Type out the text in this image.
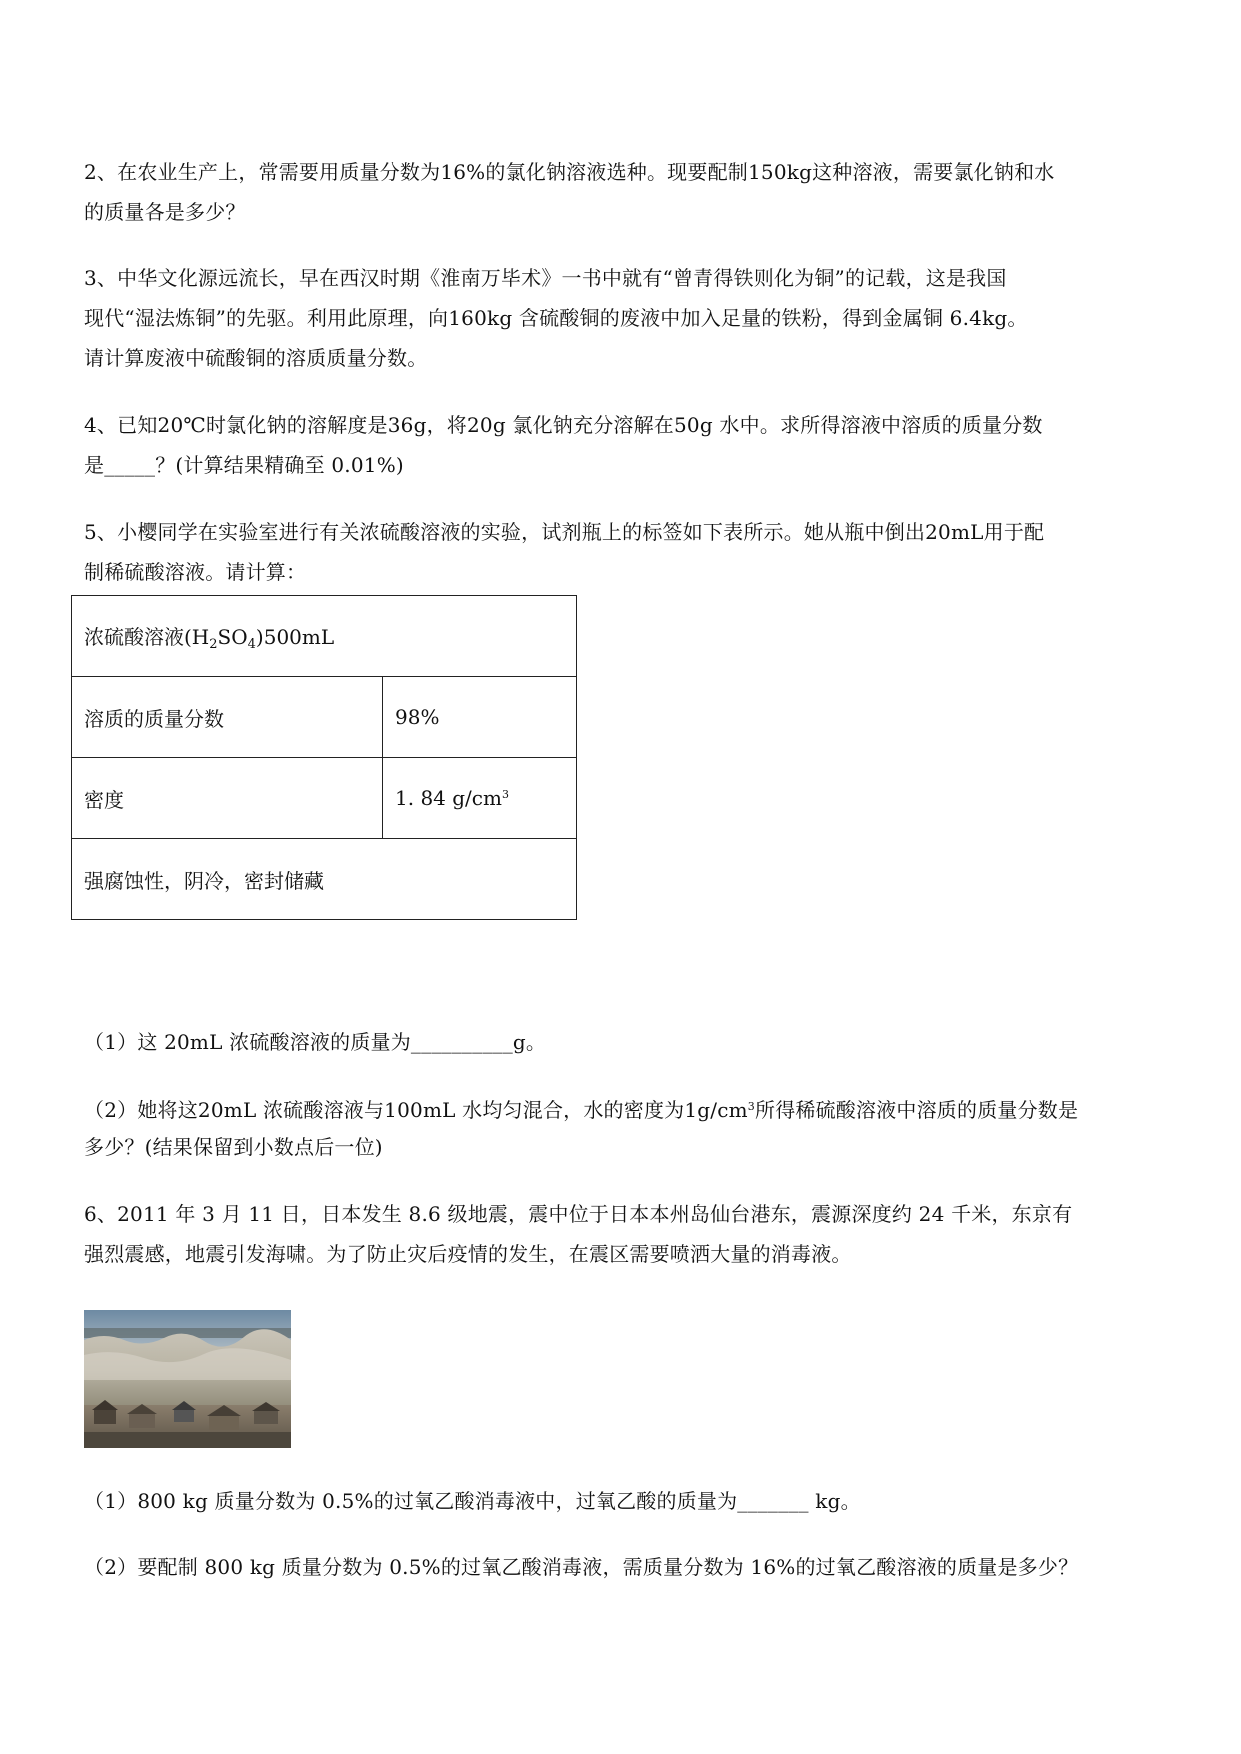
2、在农业生产上，常需要用质量分数为16%的氯化钠溶液选种。现要配制150kg这种溶液，需要氯化钠和水
的质量各是多少？
3、中华文化源远流长，早在西汉时期《淮南万毕术》一书中就有“曾青得铁则化为铜”的记载，这是我国
现代“湿法炼铜”的先驱。利用此原理，向160kg 含硫酸铜的废液中加入足量的铁粉，得到金属铜 6.4kg。
请计算废液中硫酸铜的溶质质量分数。
4、已知20℃时氯化钠的溶解度是36g，将20g 氯化钠充分溶解在50g 水中。求所得溶液中溶质的质量分数
是_____？(计算结果精确至 0.01%)
5、小樱同学在实验室进行有关浓硫酸溶液的实验，试剂瓶上的标签如下表所示。她从瓶中倒出20mL用于配
制稀硫酸溶液。请计算：
浓硫酸溶液$(H_2SO_4)500mL$	
溶质的质量分数	98%
密度	1. 84 $g/cm^3$
强腐蚀性，阴冷，密封储藏	
（1）这 20mL 浓硫酸溶液的质量为__________g。
（2）她将这20mL 浓硫酸溶液与100mL 水均匀混合，水的密度为$1g/cm^3$所得稀硫酸溶液中溶质的质量分数是
多少？(结果保留到小数点后一位)
6、2011 年 3 月 11 日，日本发生 8.6 级地震，震中位于日本本州岛仙台港东，震源深度约 24 千米，东京有
强烈震感，地震引发海啸。为了防止灾后疫情的发生，在震区需要喷洒大量的消毒液。
（1）800 kg 质量分数为 0.5%的过氧乙酸消毒液中，过氧乙酸的质量为_______ kg。
（2）要配制 800 kg 质量分数为 0.5%的过氧乙酸消毒液，需质量分数为 16%的过氧乙酸溶液的质量是多少？
